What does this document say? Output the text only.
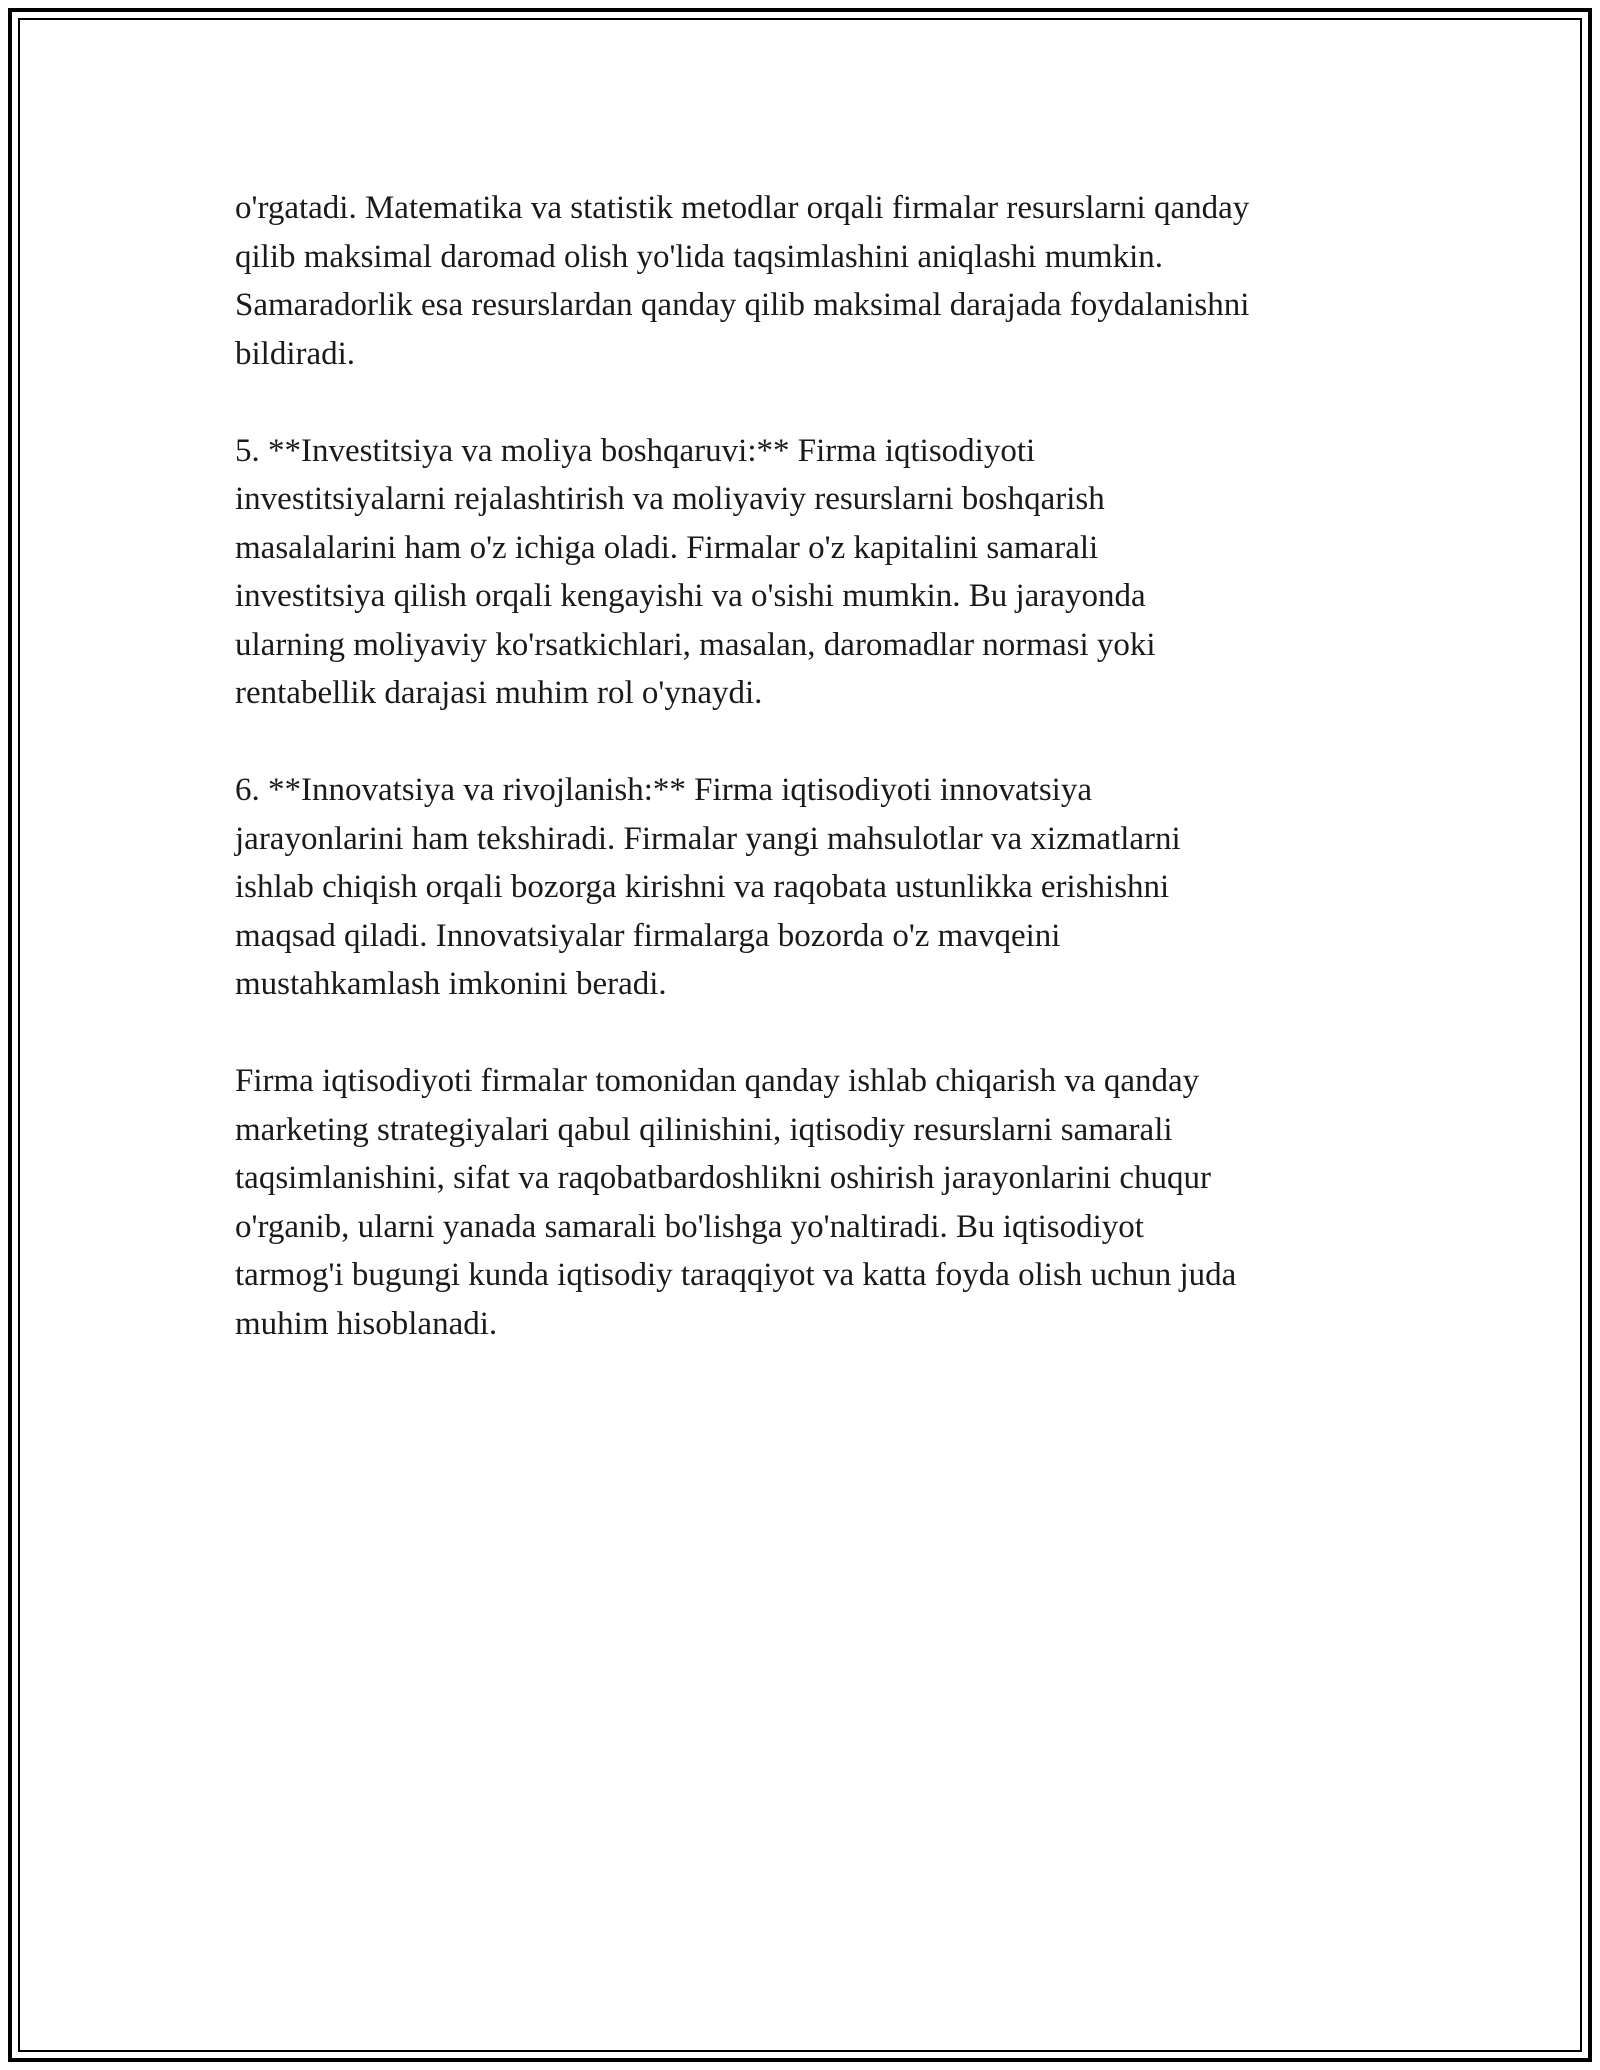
o'rgatadi. Matematika va statistik metodlar orqali firmalar resurslarni qanday
qilib maksimal daromad olish yo'lida taqsimlashini aniqlashi mumkin.
Samaradorlik esa resurslardan qanday qilib maksimal darajada foydalanishni
bildiradi.

5. **Investitsiya va moliya boshqaruvi:** Firma iqtisodiyoti
investitsiyalarni rejalashtirish va moliyaviy resurslarni boshqarish
masalalarini ham o'z ichiga oladi. Firmalar o'z kapitalini samarali
investitsiya qilish orqali kengayishi va o'sishi mumkin. Bu jarayonda
ularning moliyaviy ko'rsatkichlari, masalan, daromadlar normasi yoki
rentabellik darajasi muhim rol o'ynaydi.

6. **Innovatsiya va rivojlanish:** Firma iqtisodiyoti innovatsiya
jarayonlarini ham tekshiradi. Firmalar yangi mahsulotlar va xizmatlarni
ishlab chiqish orqali bozorga kirishni va raqobata ustunlikka erishishni
maqsad qiladi. Innovatsiyalar firmalarga bozorda o'z mavqeini
mustahkamlash imkonini beradi.

Firma iqtisodiyoti firmalar tomonidan qanday ishlab chiqarish va qanday
marketing strategiyalari qabul qilinishini, iqtisodiy resurslarni samarali
taqsimlanishini, sifat va raqobatbardoshlikni oshirish jarayonlarini chuqur
o'rganib, ularni yanada samarali bo'lishga yo'naltiradi. Bu iqtisodiyot
tarmog'i bugungi kunda iqtisodiy taraqqiyot va katta foyda olish uchun juda
muhim hisoblanadi.
